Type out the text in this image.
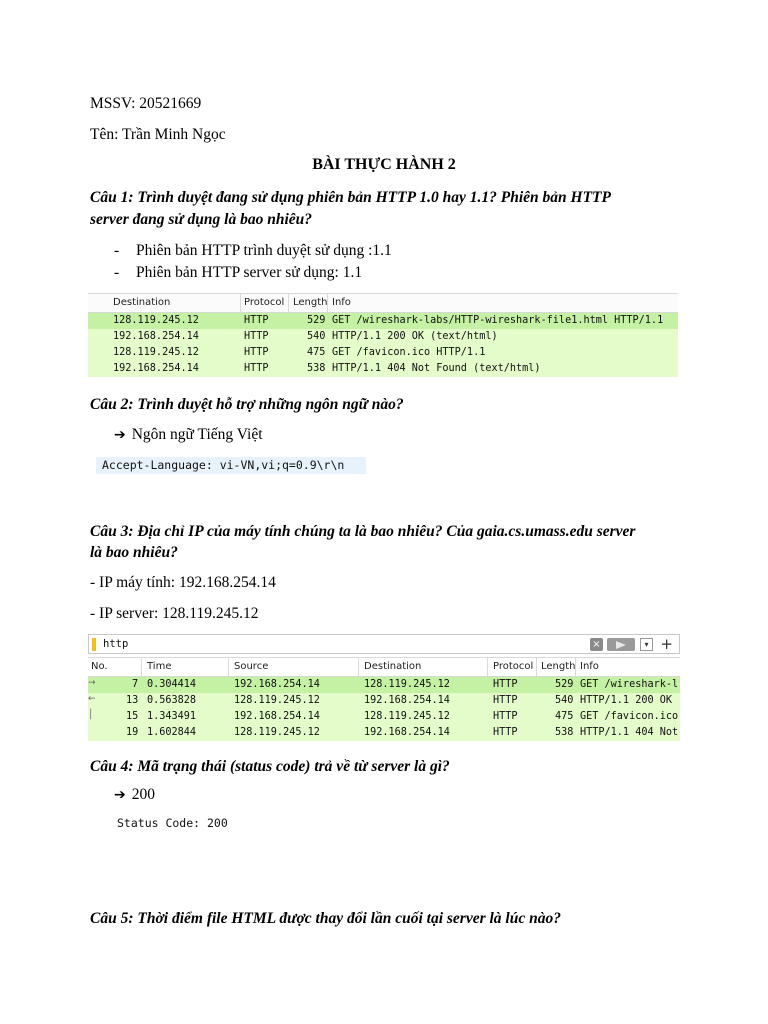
MSSV: 20521669
Tên: Trần Minh Ngọc
BÀI THỰC HÀNH 2
Câu 1: Trình duyệt đang sử dụng phiên bản HTTP 1.0 hay 1.1? Phiên bản HTTP
server đang sử dụng là bao nhiêu?
- Phiên bản HTTP trình duyệt sử dụng :1.1
- Phiên bản HTTP server sử dụng: 1.1
Destination	Protocol Length Info
128.119.245.12	HTTP	529 GET /wireshark-labs/HTTP-wireshark-file1.html HTTP/1.1
192.168.254.14	HTTP	540 HTTP/1.1 200 OK (text/html)
128.119.245.12	HTTP	475 GET /favicon.ico HTTP/1.1
192.168.254.14	HTTP	538 HTTP/1.1 404 Not Found (text/html)
Câu 2: Trình duyệt hỗ trợ những ngôn ngữ nào?
➔ Ngôn ngữ Tiếng Việt
Accept-Language: vi-VN,vi;q=0.9\r\n
Câu 3: Địa chỉ IP của máy tính chúng ta là bao nhiêu? Của gaia.cs.umass.edu server
là bao nhiêu?
- IP máy tính: 192.168.254.14
- IP server: 128.119.245.12
http	×	▾ +
No.	Time	Source	Destination	Protocol Length Info
→	7 0.304414	192.168.254.14	128.119.245.12	HTTP	529 GET /wireshark-l
←	13 0.563828	128.119.245.12	192.168.254.14	HTTP	540 HTTP/1.1 200 OK
│	15 1.343491	192.168.254.14	128.119.245.12	HTTP	475 GET /favicon.ico
19 1.602844	128.119.245.12	192.168.254.14	HTTP	538 HTTP/1.1 404 Not
Câu 4: Mã trạng thái (status code) trả về từ server là gì?
➔ 200
Status Code: 200
Câu 5: Thời điểm file HTML được thay đổi lần cuối tại server là lúc nào?
